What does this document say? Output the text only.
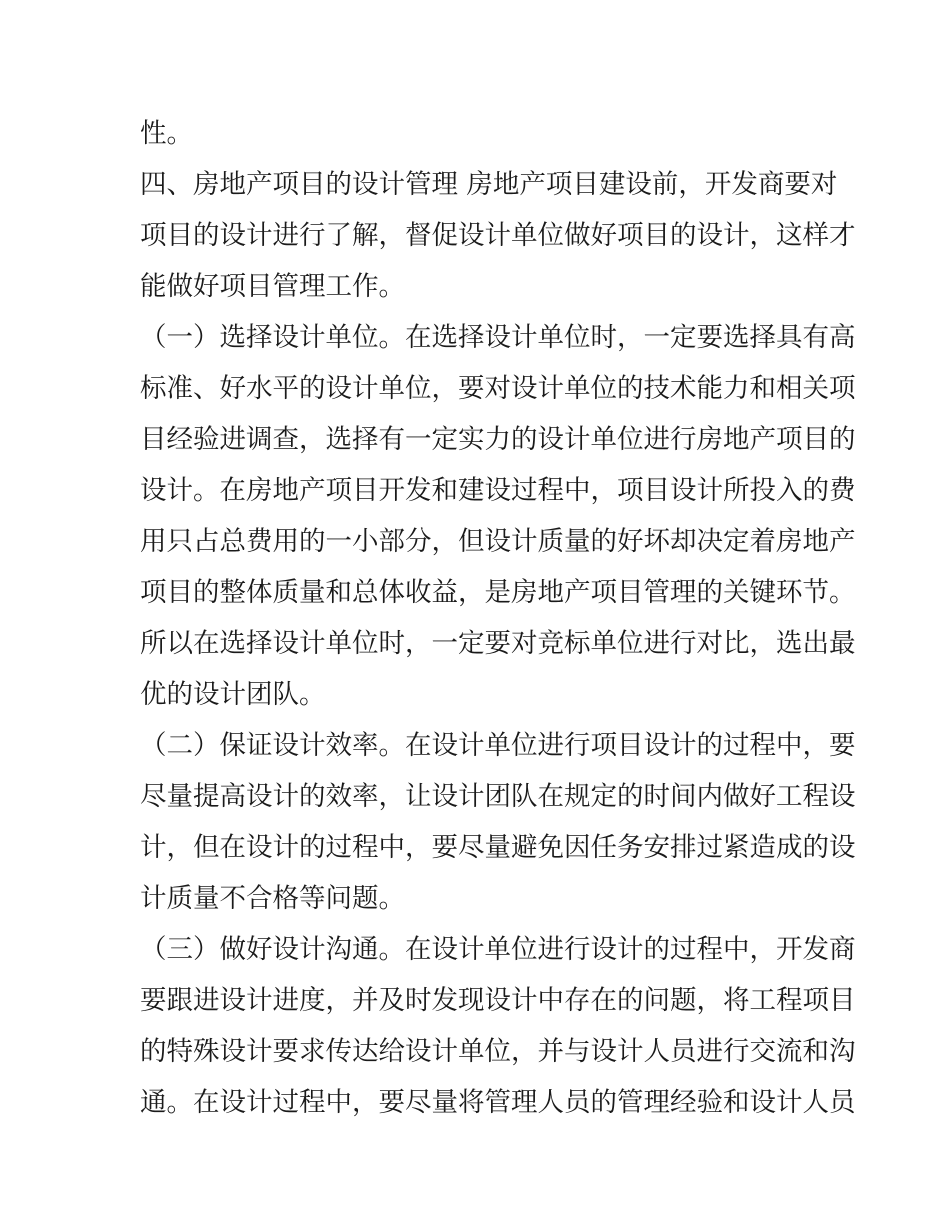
性。
四、房地产项目的设计管理 房地产项目建设前，开发商要对
项目的设计进行了解，督促设计单位做好项目的设计，这样才
能做好项目管理工作。
（一）选择设计单位。在选择设计单位时，一定要选择具有高
标准、好水平的设计单位，要对设计单位的技术能力和相关项
目经验进调查，选择有一定实力的设计单位进行房地产项目的
设计。在房地产项目开发和建设过程中，项目设计所投入的费
用只占总费用的一小部分，但设计质量的好坏却决定着房地产
项目的整体质量和总体收益，是房地产项目管理的关键环节。
所以在选择设计单位时，一定要对竞标单位进行对比，选出最
优的设计团队。
（二）保证设计效率。在设计单位进行项目设计的过程中，要
尽量提高设计的效率，让设计团队在规定的时间内做好工程设
计，但在设计的过程中，要尽量避免因任务安排过紧造成的设
计质量不合格等问题。
（三）做好设计沟通。在设计单位进行设计的过程中，开发商
要跟进设计进度，并及时发现设计中存在的问题，将工程项目
的特殊设计要求传达给设计单位，并与设计人员进行交流和沟
通。在设计过程中，要尽量将管理人员的管理经验和设计人员
